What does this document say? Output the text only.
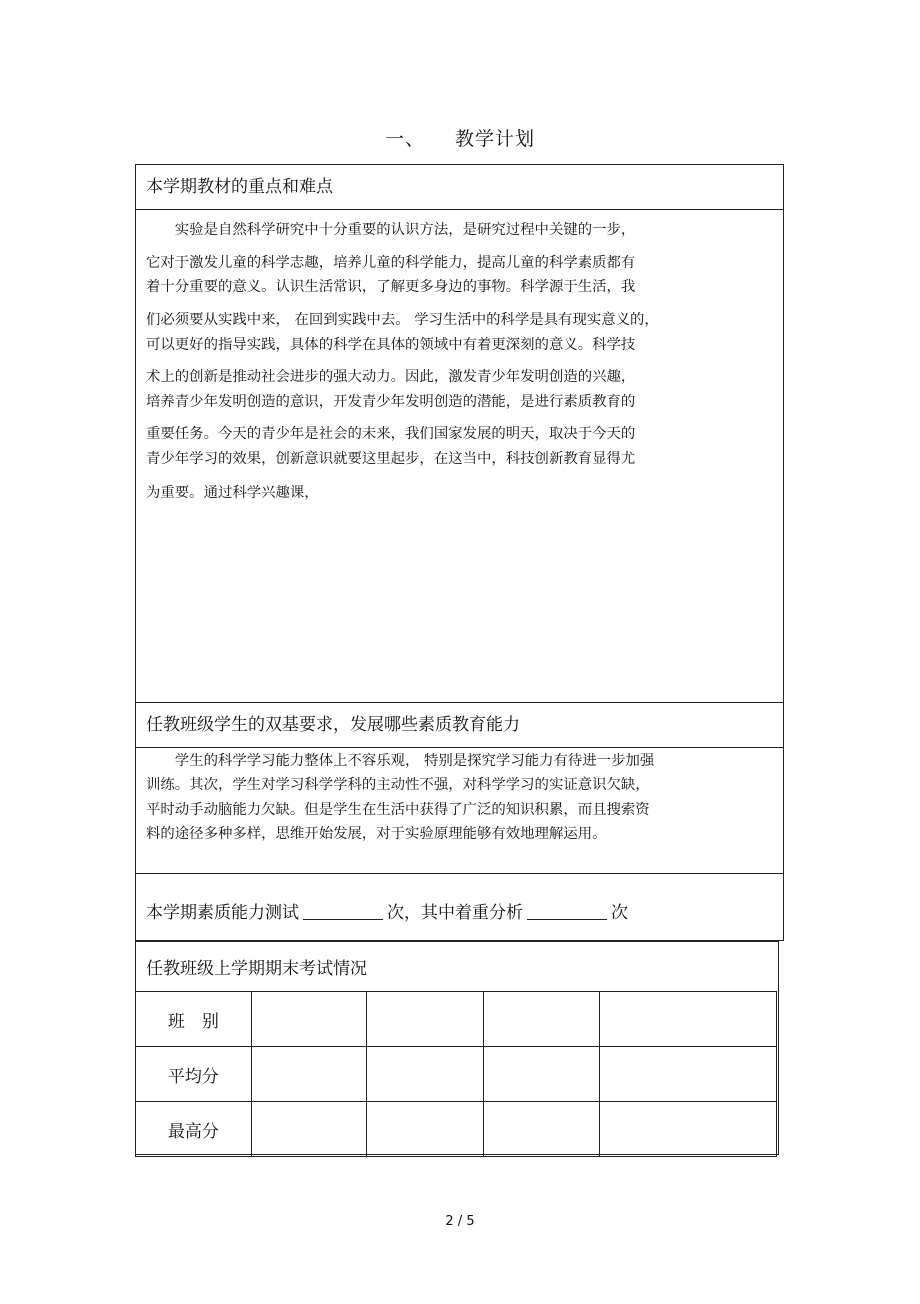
一、 教学计划
本学期教材的重点和难点
　　实验是自然科学研究中十分重要的认识方法，是研究过程中关键的一步，
它对于激发儿童的科学志趣，培养儿童的科学能力，提高儿童的科学素质都有
着十分重要的意义。认识生活常识，了解更多身边的事物。科学源于生活，我
们必须要从实践中来， 在回到实践中去。 学习生活中的科学是具有现实意义的，
可以更好的指导实践，具体的科学在具体的领域中有着更深刻的意义。科学技
术上的创新是推动社会进步的强大动力。因此，激发青少年发明创造的兴趣，
培养青少年发明创造的意识，开发青少年发明创造的潜能，是进行素质教育的
重要任务。今天的青少年是社会的未来，我们国家发展的明天，取决于今天的
青少年学习的效果，创新意识就要这里起步，在这当中，科技创新教育显得尤
为重要。通过科学兴趣课，
任教班级学生的双基要求，发展哪些素质教育能力
　　学生的科学学习能力整体上不容乐观， 特别是探究学习能力有待进一步加强
训练。其次，学生对学习科学学科的主动性不强，对科学学习的实证意识欠缺，
平时动手动脑能力欠缺。但是学生在生活中获得了广泛的知识积累，而且搜索资
料的途径多种多样，思维开始发展，对于实验原理能够有效地理解运用。
本学期素质能力测试	次，其中着重分析	次
任教班级上学期期末考试情况
班　别				
平均分				
最高分				
2 / 5
